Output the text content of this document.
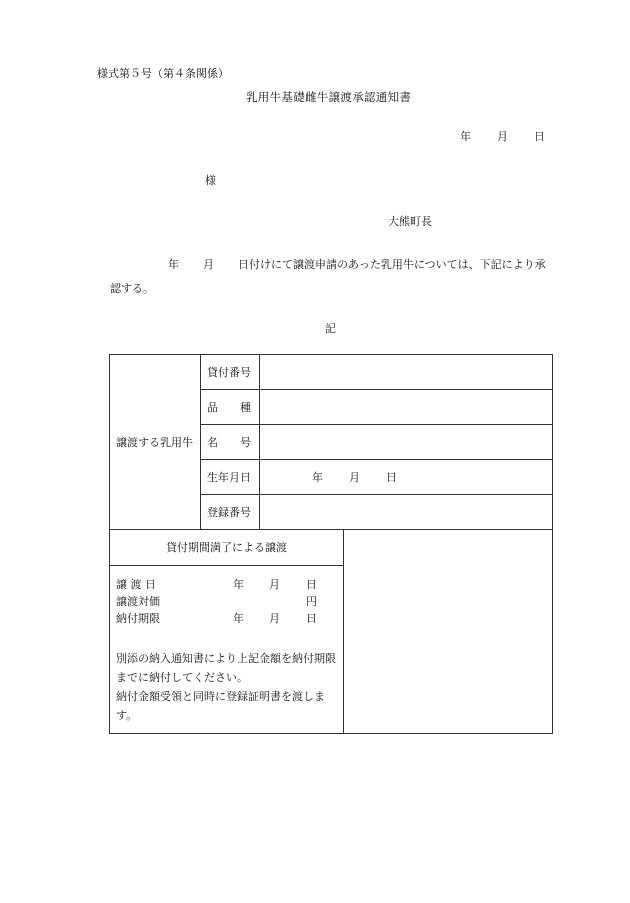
様式第５号（第４条関係）
乳用牛基礎雌牛譲渡承認通知書
年 月 日
様
大熊町長
年 月 日付けにて譲渡申請のあった乳用牛については、下記により承
認する。
記
譲渡する乳用牛	貸付番号	

	品 種	

	名 号	

	生年月日	年 月 日
	登録番号	
貸付期間満了による譲渡
譲 渡 日	年 月 日
譲渡対価	円
納付期限	年 月 日
別添の納入通知書により上記金額を納付期限までに納付してください。
納付金額受領と同時に登録証明書を渡します。
